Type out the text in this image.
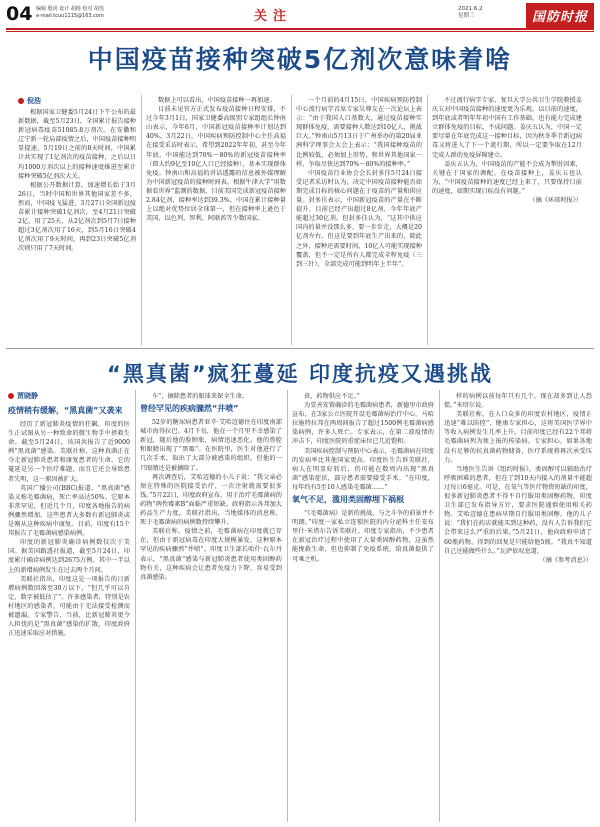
04 编辑 殷尚 设计 胡杨 校对 胡莲
e-mail:tcuu1115@163.com	关注	2021.6.2
星期三	国防时报
中国疫苗接种突破5亿剂次意味着啥
倪浩

根据国家卫健委5月24日下午公布的最新数据，截至5月23日，全国累计报告接种新冠病毒疫苗51085.8万剂次。在安徽和辽宁新一轮局部疫情之后，中国疫苗接种明显提速，5月19日之前的8天时间，中国累计共实现了1亿剂次的疫苗接种，之后以日均1000万剂次以上的接种速度推进至累计接种突破5亿剂次大关。

根据公开数据计算，加速增长始于3月26日，当时中国和世界其他国家差不多，然而，中国疫飞猛进，3月27日全国新冠疫苗累计接种突破1亿剂次，至4月21日突破2亿，用了25天，从2亿剂次到5月7日接种超过3亿剂次用了16天，到5月16日突破4亿剂次用了9天时间，再到23日突破5亿剂次则只用了7天时间。

数据上可以看出，中国疫苗接种一再加速。

目前未见官方正式发布疫苗接种日程安排，不过今年3月1日，国家卫健委高级别专家组组长钟南山表示，今年6月，中国新冠疫苗接种率计划达到40%。3月22日，中国疾病预防控制中心主任高福在接受采访时表示，希望到2022年年初，甚至今年年底，中国能达到70%～80%的新冠疫苗接种率（即大约9亿至10亿人口已经接种），基本实现群体免疫。钟南山和高福的讲话透露的信息被外媒理解为中国新冠疫苗的接种时间表。根据牛津大学“用数据看世界”监测的数据，目前美国完成新冠疫苗接种2.84亿剂，接种率达到39.3%。中国在累计接种量上以绝对优势位居全球第一，但在接种率上逊色于美国，以色列、智利、阿联酋等少数国家。

一个月前的4月15日，中国疾病预防控制中心流行病学首席专家吴尊友在一次论坛上表示：“由于我国人口基数大，通过疫苗接种实现群体免疫，需要接种人数达到10亿人，挑战巨大。”钟南山5月13日于广州举办的第20届亚洲科学理事会大会上表示：“我国接种疫苗的比例较低，必须加上形势，和世界其他国家一样，争取尽快达到70%～80%的接种率。”

中国疫苗行业协会会长封多佳5月24日接受记者采访时认为，决定中国疫苗接种能否如期完成目标的核心问题在于疫苗的产量和供应量。封多佳表示，中国新冠疫苗的产量在不断提升，目前已经产出超过8亿剂，今年年底产能超过30亿剂。但封多佳认为，“这其中供应国内的量并没那么多，要一步步走，大概是20亿剂左右。但这是要到年底生产出来的，除此之外，接种还需要时间，10亿人可能实现接种覆盖，但不一定是所有人都完成全程免疫（三到三针），全部完成可能到明年上半年”。

不过流行病学专家、复旦大学公共卫生学院教授姜庆五对中国疫苗接种的速度更为乐观。以目前的速度，到年底或者明年年初中国有工作基础，也有能力完成建立群体免疫的目标，不成问题。姜庆五认为，中国一定要尽量在年底完成这一接种目标，因为秋冬季节新冠病毒又将进入了下一个流行期，所以一定要争取在12月完成人群的免疫屏障建立。

姜庆五认为，中国疫苗的产能不会成为掣肘因素，关键在于国家的调配。在疫苗接种上，姜庆五也认为，“中国疫苗接种的速度已经上来了，只要保持目前的速度，如期实现目标没有问题。”

（摘《环球时报》）
“黑真菌”疯狂蔓延 印度抗疫又遇挑战
贾晓静
疫情稍有缓解，“黑真菌”又袭来

经历了新冠肺炎疫情的狂飙，印度的医生正试图从另一种致命的微生物手中拯救生命。截至5月24日，该国共报告了近9000例“黑真菌”感染。美联社称，这种真菌正在夺走新冠肺炎患者和康复患者的生命，它的蔓延是另一个医疗难题，而且它还会导致患者失明，这一原因被扩大。

英国广播公司(BBC)报道，“黑真菌”感染又称毛霉菌病，死亡率高达50%。它原本非常罕见，但近几个月，印度各地报告的病例骤然增加。这些患者大多数有新冠肺炎或是刚从这种疾病中康复。目前，印度有15个邦报告了毛霉菌病感染病例。

印度的新冠肺炎确诊病例数仅次于美国。据美国路透社报道，截至5月24日，印度累计确诊病例达到2675万例。其中一半以上的新增病例发生在过去两个月间。

美联社指出，印度这是一项报告的日新增病例数回落至30万以下，“但几乎可以肯定，数字被低估了”。许多感染者，特别是农村地区的感染者，可能由于无法接受检测而被遗漏。专家警告，当前，比新冠肺炎更令人担忧的是“黑真菌”感染的扩散，印度政府正迅速采取应对措施。

车”，摘除患者的眼球来保全生命。

曾经罕见的疾病骤然“井喷”

52岁的糖尿病患者亚辛·艾哈迈德住在印度南部城市海得拉巴。4月下旬，他在一个月里不幸感染了新冠，随后他的脸肿胀，病情迅速恶化。他的鼻腔和眼睛出现了“黑霉”。在医院里，医生对他进行了几次手术，取出了大部分被感染的组织，但他的一只眼睛还是被摘除了。

再次调查后，艾哈迈德的小儿子说：“我父亲必须在特殊的医院接受治疗，一次注射就需要很多钱。”5月22日，印度政府宣布，用于治疗毛霉菌病的药物“两性霉素B”面临严重短缺。政府指示各邦加大药品生产力度，美联社指出，当地媒体的消息称，死于毛霉菌病的病例数持续攀升。

美联社称，疫情之前，毛霉菌病在印度就已存在，但由于新冠病毒在印度大规模暴发，这种原本罕见的疾病骤然“井喷”。印度卫生部长哈什·瓦尔丹表示，“黑真菌”感染与新冠肺炎患者使用类固醇药物有关，这种疾病会让患者免疫力下降，容易受到真菌感染。

贵，药物供应不足。”

为妥善安置确诊的毛霉菌病患者，新德里市政府宣布，在3家公立医院开设毛霉菌病治疗中心。马哈拉施特拉邦在两周间报告了超过1500例毛霉菌病感染病例，许多人死亡。专家表示，在第二波疫情的冲击下，印度医院的重症床位已几近饱和。

美国疾病控制与预防中心表示，毛霉菌病在印度的发病率比其他国家更高。印度医生告诉美联社，病人在明显好转后，仍可能在数周内出现“黑真菌”感染症状，部分患者需要接受手术。“在印度，每年约有5至10人感染毛霉菌……”

氧气不足，滥用类固醇埋下祸根

“《毛霉菌病》是新的挑战，与之斗争的前景并不明朗。”印度一家私立连锁医院的内分泌科主任安布里什·米塔尔告诉美联社。印度专家指出，不少患者在新冠治疗过程中使用了大量类固醇药物，这虽然能挽救生命，但也抑制了免疫系统，给真菌提供了可乘之机。

样的病例以前每年只有几个，现在却多到让人恐慌。”米塔尔说。

美联社称，在人口众多的印度农村地区，疫情正迅速“难以防控”，健康专家担心，这将美国医学界中等收入病例发生几率上升，目前印度已经有22个邦将毛霉菌病列为须上报的传染病。专家担心，如果各地没有足够的抗真菌药物储备，医疗系统将再次承受压力。

当地医生告诉《纽约时报》，类固醇可以辅助治疗呼吸困难的患者，但在了到10天内接入的剂量不能超过每日6毫克。可是，在氧气等医疗物资短缺的印度，很多新冠肺炎患者不得不自行服用类固醇药物，印度卫生部已发布指导方针，要求医院谨慎使用相关药物。艾哈迈德在患病早期自行服用类固醇，他的儿子说：“我们在药店就能买到这种药，没有人告诉我们它会带来这么严重的后果。”5月21日，他向政府申请了60瓶药物，得到的回复是只能给他5瓶。“我真不知道自己还能做些什么。”瓦萨依叹息道。

（摘《参考消息》）
